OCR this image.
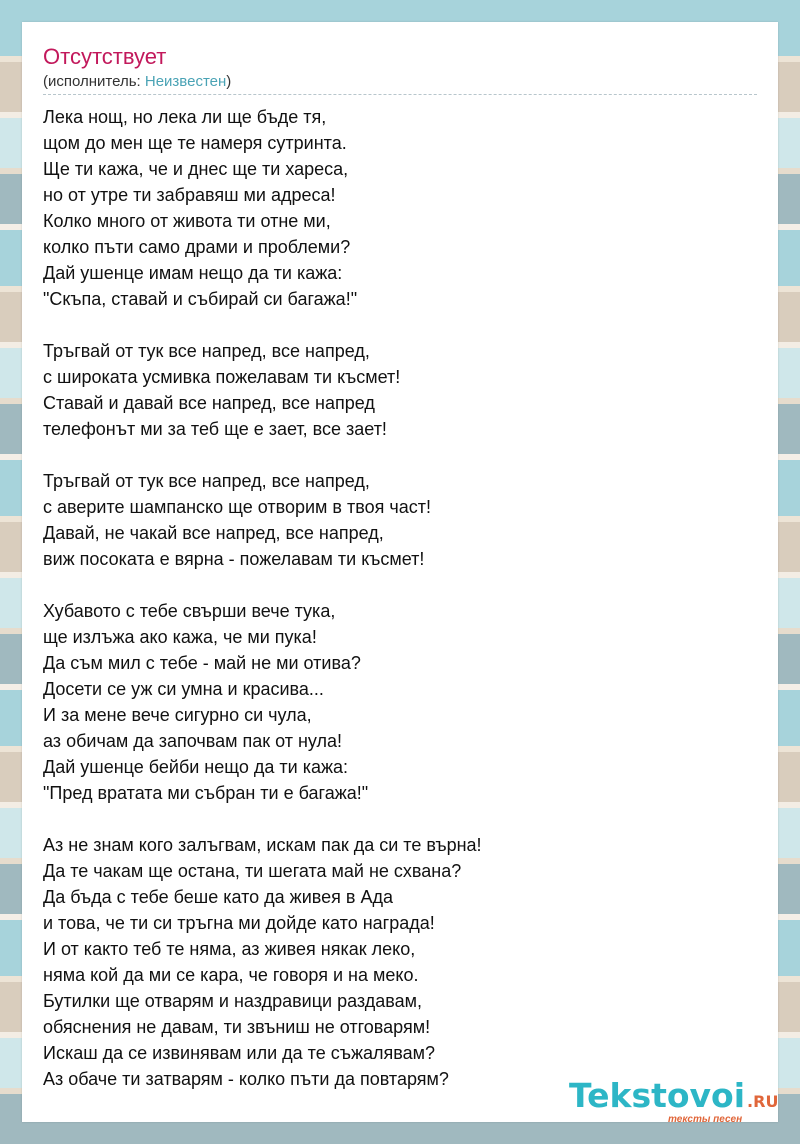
Отсутствует
(исполнитель: Неизвестен)
Лека нощ, но лека ли ще бъде тя,
щом до мен ще те намеря сутринта.
Ще ти кажа, че и днес ще ти хареса,
но от утре ти забравяш ми адреса!
Колко много от живота ти отне ми,
колко пъти само драми и проблеми?
Дай ушенце имам нещо да ти кажа:
"Скъпа, ставай и събирай си багажа!"
Тръгвай от тук все напред, все напред,
с широката усмивка пожелавам ти късмет!
Ставай и давай все напред, все напред
телефонът ми за теб ще е зает, все зает!
Тръгвай от тук все напред, все напред,
с аверите шампанско ще отворим в твоя чаcт!
Давай, не чакай все напред, все напред,
виж посоката е вярна - пожелавам ти късмет!
Хубавото с тебе свърши вече тука,
ще излъжа ако кажа, че ми пука!
Да съм мил с тебе - май не ми отива?
Досети се уж си умна и красива...
И за мене вече сигурно си чула,
аз обичам да започвам пак от нула!
Дай ушенце бейби нещо да ти кажа:
"Пред вратата ми събран ти е багажа!"
Аз не знам кого залъгвам, искам пак да си те върна!
Да те чакам ще остана, ти шегата май не схвана?
Да бъда с тебе беше като да живея в Ада
и това, че ти си тръгна ми дойде като награда!
И от както теб те няма, аз живея някак леко,
няма кой да ми се кара, че говоря и на меко.
Бутилки ще отварям и наздравици раздавам,
обяснения не давам, ти звъниш не отговарям!
Искаш да се извинявам или да те съжалявам?
Аз обаче ти затварям - колко пъти да повтарям?	Tekstovoi .RU
тексты песен
